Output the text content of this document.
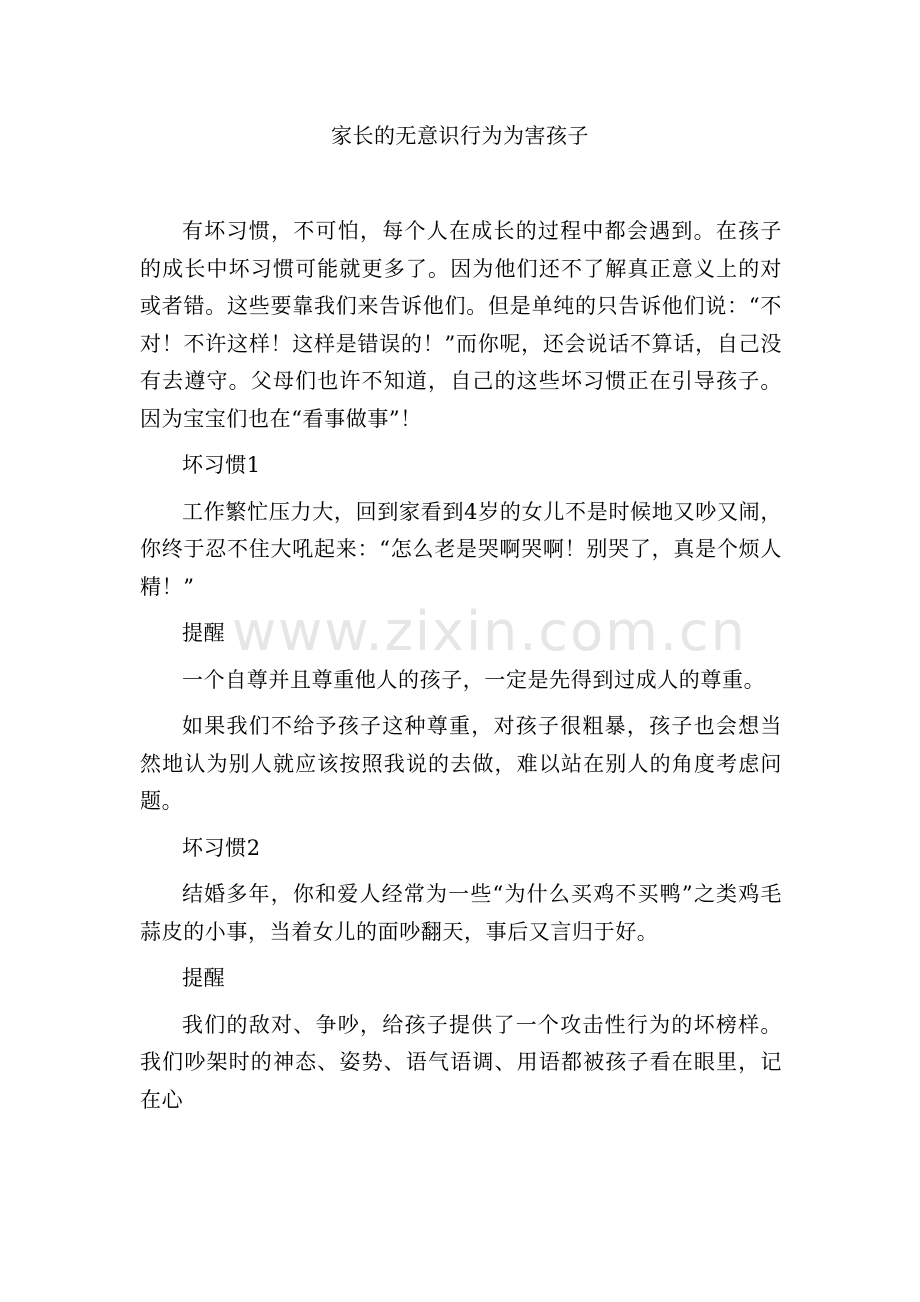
家长的无意识行为为害孩子

有坏习惯，不可怕，每个人在成长的过程中都会遇到。在孩子的成长中坏习惯可能就更多了。因为他们还不了解真正意义上的对或者错。这些要靠我们来告诉他们。但是单纯的只告诉他们说：“不对！不许这样！这样是错误的！”而你呢，还会说话不算话，自己没有去遵守。父母们也许不知道，自己的这些坏习惯正在引导孩子。因为宝宝们也在“看事做事”！

坏习惯1

工作繁忙压力大，回到家看到4岁的女儿不是时候地又吵又闹，你终于忍不住大吼起来：“怎么老是哭啊哭啊！别哭了，真是个烦人精！”

提醒

一个自尊并且尊重他人的孩子，一定是先得到过成人的尊重。

如果我们不给予孩子这种尊重，对孩子很粗暴，孩子也会想当然地认为别人就应该按照我说的去做，难以站在别人的角度考虑问题。

坏习惯2

结婚多年，你和爱人经常为一些“为什么买鸡不买鸭”之类鸡毛蒜皮的小事，当着女儿的面吵翻天，事后又言归于好。

提醒

我们的敌对、争吵，给孩子提供了一个攻击性行为的坏榜样。我们吵架时的神态、姿势、语气语调、用语都被孩子看在眼里，记在心

www.zixin.com.cn
